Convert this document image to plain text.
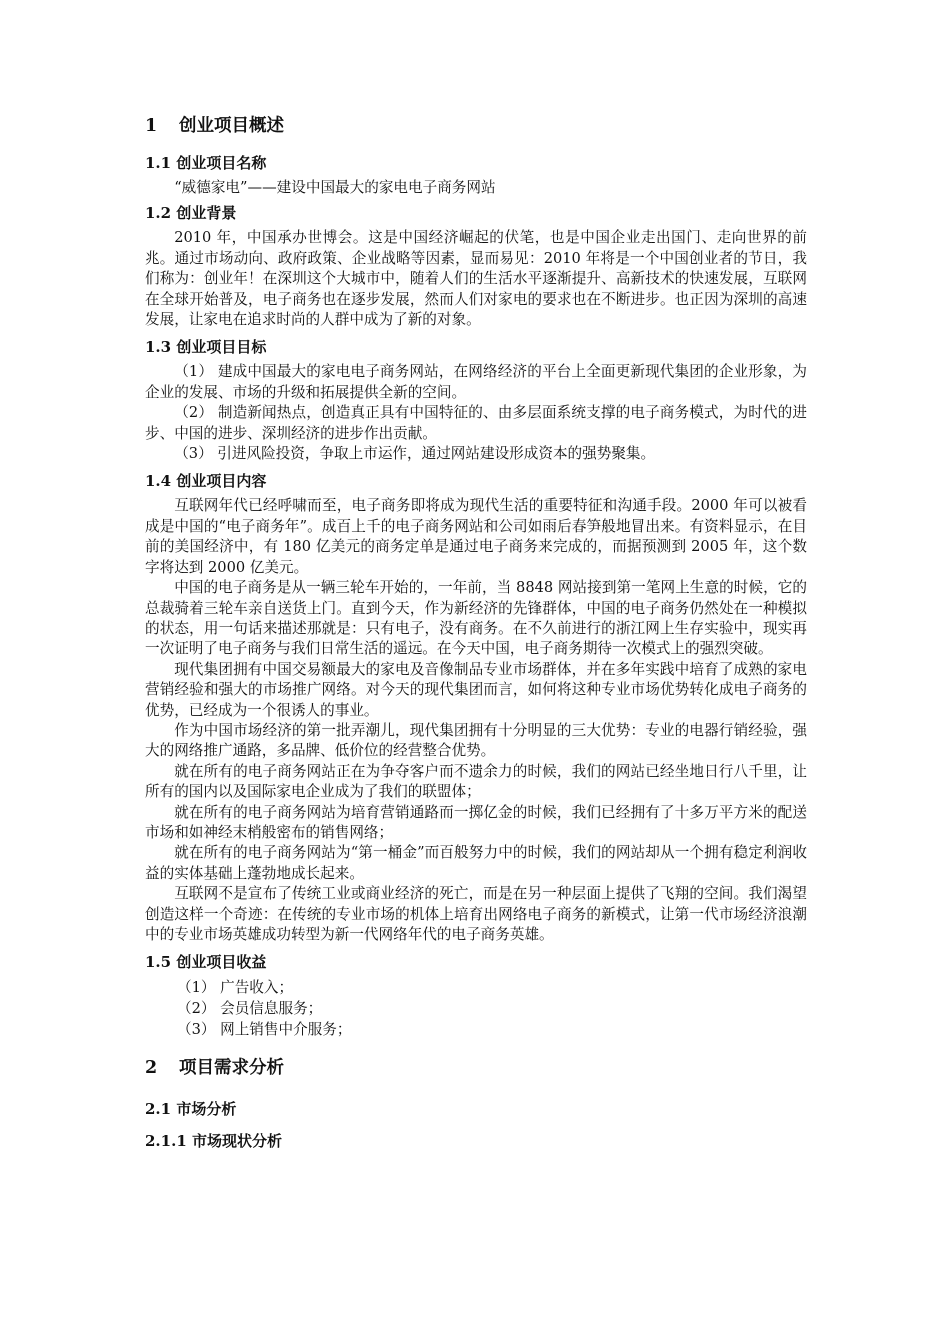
1 创业项目概述
1.1 创业项目名称

“威德家电”——建设中国最大的家电电子商务网站

1.2 创业背景

2010 年，中国承办世博会。这是中国经济崛起的伏笔，也是中国企业走出国门、走向世界的前兆。通过市场动向、政府政策、企业战略等因素，显而易见：2010 年将是一个中国创业者的节日，我们称为：创业年！在深圳这个大城市中，随着人们的生活水平逐渐提升、高新技术的快速发展，互联网在全球开始普及，电子商务也在逐步发展，然而人们对家电的要求也在不断进步。也正因为深圳的高速发展，让家电在追求时尚的人群中成为了新的对象。

1.3 创业项目目标

（1） 建成中国最大的家电电子商务网站，在网络经济的平台上全面更新现代集团的企业形象，为企业的发展、市场的升级和拓展提供全新的空间。

（2） 制造新闻热点，创造真正具有中国特征的、由多层面系统支撑的电子商务模式，为时代的进步、中国的进步、深圳经济的进步作出贡献。

（3） 引进风险投资，争取上市运作，通过网站建设形成资本的强势聚集。

1.4 创业项目内容

互联网年代已经呼啸而至，电子商务即将成为现代生活的重要特征和沟通手段。2000 年可以被看成是中国的“电子商务年”。成百上千的电子商务网站和公司如雨后春笋般地冒出来。有资料显示，在目前的美国经济中，有 180 亿美元的商务定单是通过电子商务来完成的，而据预测到 2005 年，这个数字将达到 2000 亿美元。

中国的电子商务是从一辆三轮车开始的，一年前，当 8848 网站接到第一笔网上生意的时候，它的总裁骑着三轮车亲自送货上门。直到今天，作为新经济的先锋群体，中国的电子商务仍然处在一种模拟的状态，用一句话来描述那就是：只有电子，没有商务。在不久前进行的浙江网上生存实验中，现实再一次证明了电子商务与我们日常生活的遥远。在今天中国，电子商务期待一次模式上的强烈突破。

现代集团拥有中国交易额最大的家电及音像制品专业市场群体，并在多年实践中培育了成熟的家电营销经验和强大的市场推广网络。对今天的现代集团而言，如何将这种专业市场优势转化成电子商务的优势，已经成为一个很诱人的事业。

作为中国市场经济的第一批弄潮儿，现代集团拥有十分明显的三大优势：专业的电器行销经验，强大的网络推广通路，多品牌、低价位的经营整合优势。

就在所有的电子商务网站正在为争夺客户而不遗余力的时候，我们的网站已经坐地日行八千里，让所有的国内以及国际家电企业成为了我们的联盟体；

就在所有的电子商务网站为培育营销通路而一掷亿金的时候，我们已经拥有了十多万平方米的配送市场和如神经末梢般密布的销售网络；

就在所有的电子商务网站为“第一桶金”而百般努力中的时候，我们的网站却从一个拥有稳定利润收益的实体基础上蓬勃地成长起来。

互联网不是宣布了传统工业或商业经济的死亡，而是在另一种层面上提供了飞翔的空间。我们渴望创造这样一个奇迹：在传统的专业市场的机体上培育出网络电子商务的新模式，让第一代市场经济浪潮中的专业市场英雄成功转型为新一代网络年代的电子商务英雄。

1.5 创业项目收益

（1） 广告收入；

（2） 会员信息服务；

（3） 网上销售中介服务；

2 项目需求分析
2.1 市场分析
2.1.1 市场现状分析
